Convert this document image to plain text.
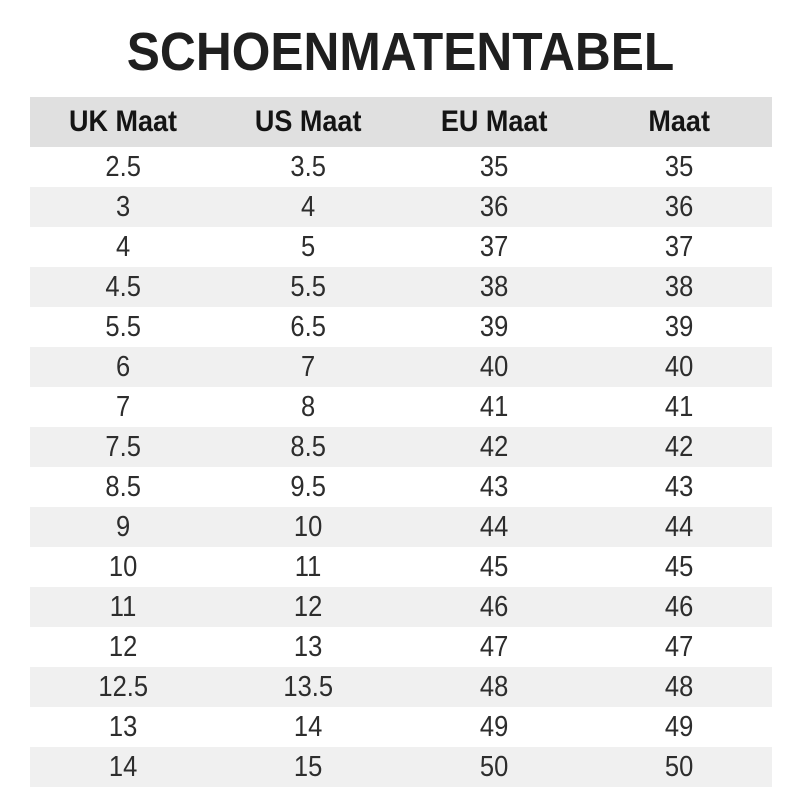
SCHOENMATENTABEL
UK Maat	US Maat	EU Maat	Maat
2.5	3.5	35	35
3	4	36	36
4	5	37	37
4.5	5.5	38	38
5.5	6.5	39	39
6	7	40	40
7	8	41	41
7.5	8.5	42	42
8.5	9.5	43	43
9	10	44	44
10	11	45	45
11	12	46	46
12	13	47	47
12.5	13.5	48	48
13	14	49	49
14	15	50	50
